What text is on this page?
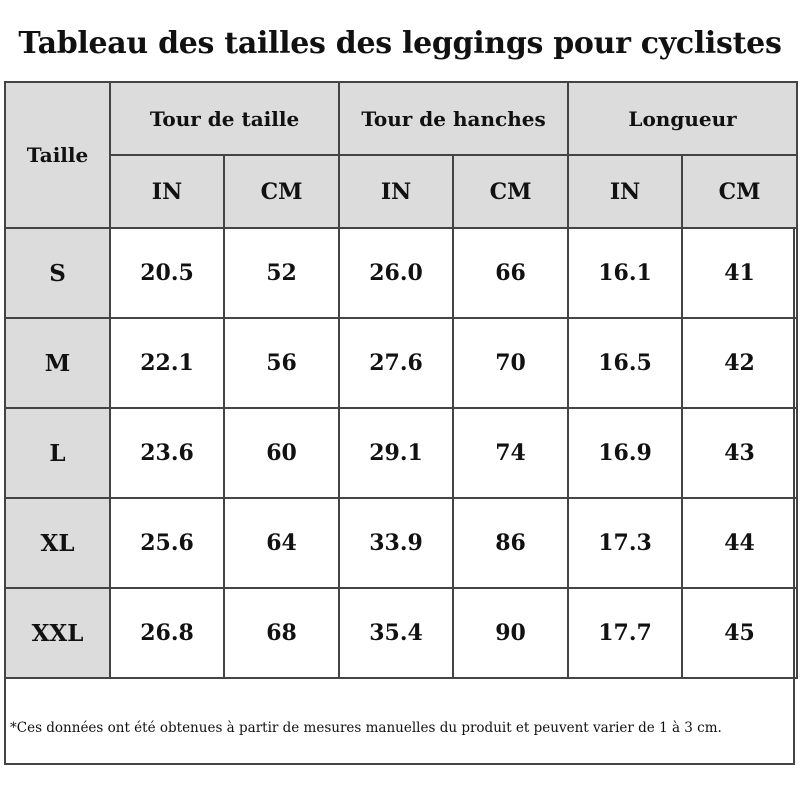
Tableau des tailles des leggings pour cyclistes
Taille	Tour de taille		Tour de hanches		Longueur	
	IN	CM	IN	CM	IN	CM
S	20.5	52	26.0	66	16.1	41
M	22.1	56	27.6	70	16.5	42
L	23.6	60	29.1	74	16.9	43
XL	25.6	64	33.9	86	17.3	44
XXL	26.8	68	35.4	90	17.7	45
*Ces données ont été obtenues à partir de mesures manuelles du produit et peuvent varier de 1 à 3 cm.
